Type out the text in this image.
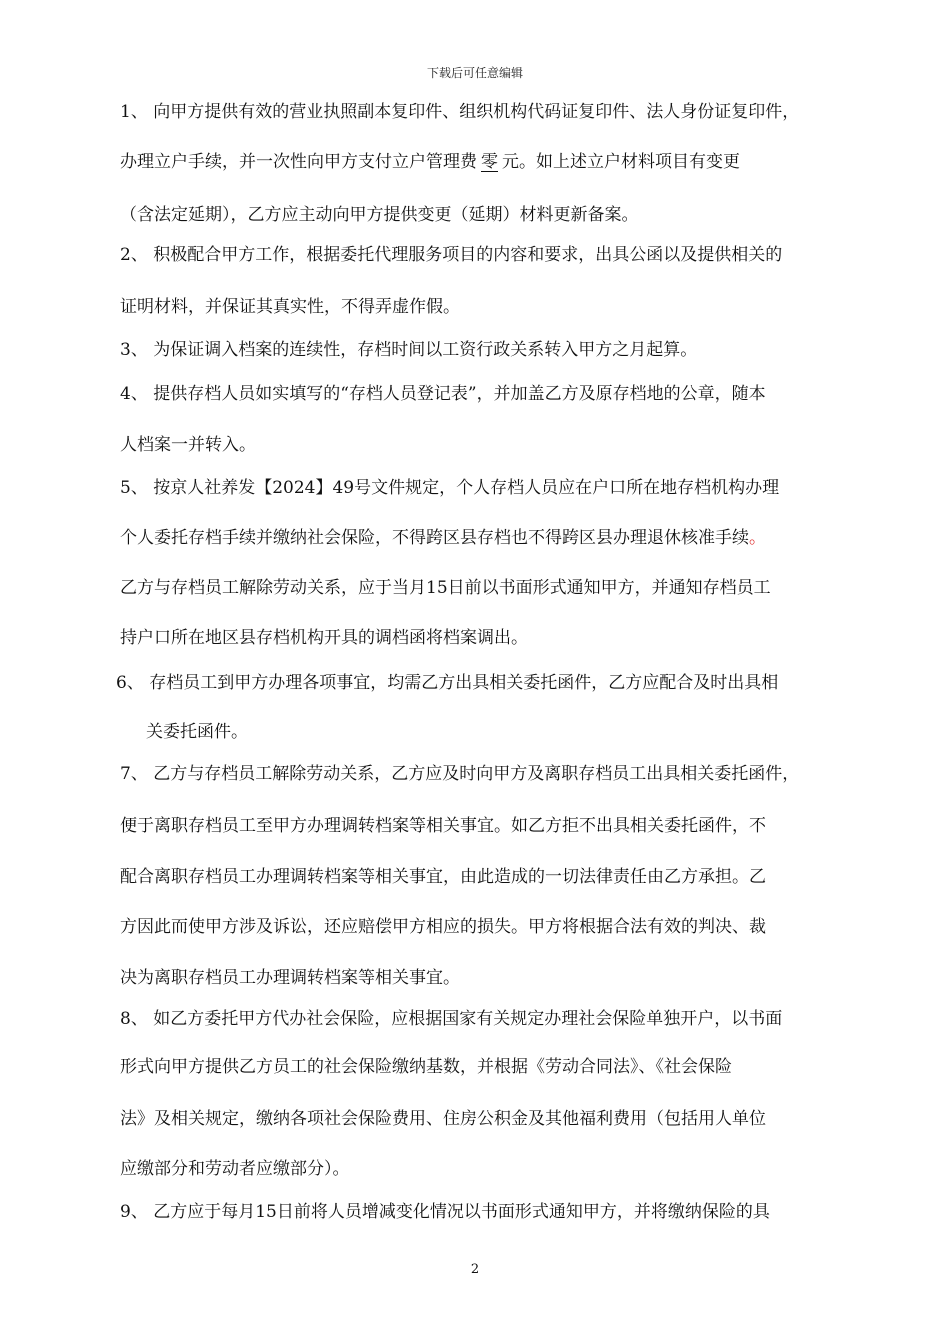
下载后可任意编辑
1、 向甲方提供有效的营业执照副本复印件、组织机构代码证复印件、法人身份证复印件，
办理立户手续，并一次性向甲方支付立户管理费 零 元。如上述立户材料项目有变更
（含法定延期），乙方应主动向甲方提供变更（延期）材料更新备案。
2、 积极配合甲方工作，根据委托代理服务项目的内容和要求，出具公函以及提供相关的
证明材料，并保证其真实性，不得弄虚作假。
3、 为保证调入档案的连续性，存档时间以工资行政关系转入甲方之月起算。
4、 提供存档人员如实填写的“存档人员登记表”，并加盖乙方及原存档地的公章，随本
人档案一并转入。
5、 按京人社养发【2024】49号文件规定，个人存档人员应在户口所在地存档机构办理
个人委托存档手续并缴纳社会保险，不得跨区县存档也不得跨区县办理退休核准手续。
乙方与存档员工解除劳动关系，应于当月15日前以书面形式通知甲方，并通知存档员工
持户口所在地区县存档机构开具的调档函将档案调出。
6、 存档员工到甲方办理各项事宜，均需乙方出具相关委托函件，乙方应配合及时出具相
关委托函件。
7、 乙方与存档员工解除劳动关系，乙方应及时向甲方及离职存档员工出具相关委托函件，
便于离职存档员工至甲方办理调转档案等相关事宜。如乙方拒不出具相关委托函件，不
配合离职存档员工办理调转档案等相关事宜，由此造成的一切法律责任由乙方承担。乙
方因此而使甲方涉及诉讼，还应赔偿甲方相应的损失。甲方将根据合法有效的判决、裁
决为离职存档员工办理调转档案等相关事宜。
8、 如乙方委托甲方代办社会保险，应根据国家有关规定办理社会保险单独开户，以书面
形式向甲方提供乙方员工的社会保险缴纳基数，并根据《劳动合同法》、《社会保险
法》及相关规定，缴纳各项社会保险费用、住房公积金及其他福利费用（包括用人单位
应缴部分和劳动者应缴部分）。
9、 乙方应于每月15日前将人员增减变化情况以书面形式通知甲方，并将缴纳保险的具
2
